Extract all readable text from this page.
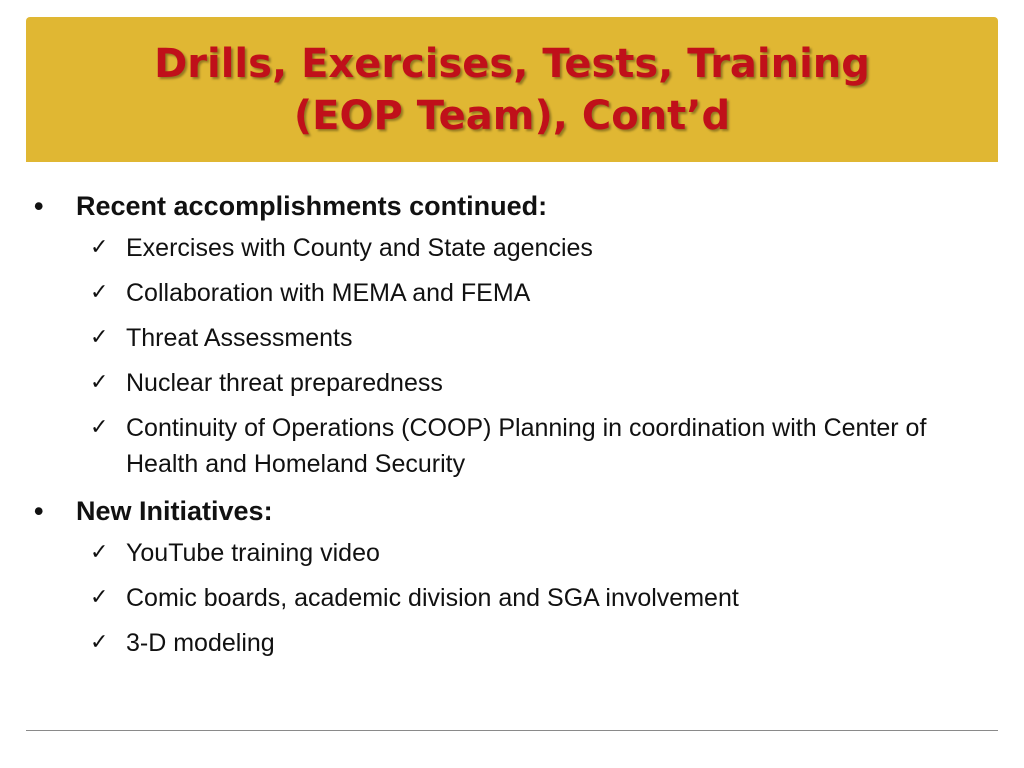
Drills, Exercises, Tests, Training
(EOP Team), Cont’d
• Recent accomplishments continued:
✓ Exercises with County and State agencies
✓ Collaboration with MEMA and FEMA
✓ Threat Assessments
✓ Nuclear threat preparedness
✓ Continuity of Operations (COOP) Planning in coordination with Center of Health and Homeland Security
• New Initiatives:
✓ YouTube training video
✓ Comic boards, academic division and SGA involvement
✓ 3-D modeling
